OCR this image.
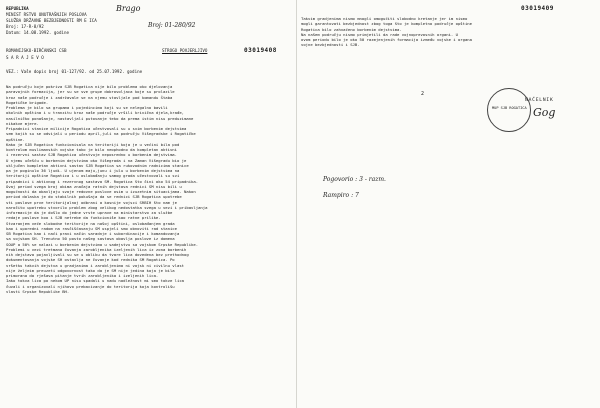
REPUBLIKA
MINIST RSTVO UNUTRAŠNJIH POSLOVA
SLUŽBA DRŽAVNE BEZBJEDNOSTI RM E ICA
Broj: 17-R-8/92
Datum: 14.08.1992. godine
Brago
Broj: 01-280/92
03019408
ROMANIJSKO-BIRČANSKI CSB	STROGO POVJERLJIVO
S A R A J E V O
VEZ.: Vaše dopis broj 01-127/92. od 25.07.1992. godine
Na području koje pokriva SJB Rogatica nije bilo problema oko djelovanja
paravojnih formacija, jer su se sve grupe dobrovoljaca koje su prolazile
kroz naše područje i zadržavale se na njemu stavljale pod komandu Štaba
Rogatičke brigade.
Problema je bilo sa grupama i pojedincima koji su se nelegalno bavili
okolnih opština i u tranzitu kroz naše područje vršili krivična djela,krađe,
nasilničko ponašanje, nastavljali putovanje teko da prema istim nisu preduzimane
nikakve mjere.
Pripadnici stanice milicije Rogatica učestvovali su u svim borbenim dejstvima
sem kojih su se odvijali u periodu april,juli na području Višegradske i Rogatičke
opštine.
Kako je SJB Rogatica funkcionisala na teritoriji koja je u većini bila pod
kontrolom muslimanskih vojske tako je bilo neophodno da kompletan aktivni
i rezervni sastav SJB Rogatica učestvuje neposredno u borbenim dejstvima.
U njemu učešću u borbenim dejstvima oko Višegrada i na Zaman Višegradu bio je
uključen kompletan aktivni sastav SJB Rogatica sa rukovodnim radnicima stanice
pa je poginulo 36 ljudi. U ujenom maju,junu i julu u borbenim dejstvima na
teritoriji opštine Rogatica i u oslobađanju samog grada učestvovali su svi
pripadnici i aktivnog i rezervnog sastava SM. Rogatica što čini oko 54 pripadnika.
Ovaj period svega broj obima značaja ratnih dejstava rednici SM nisu bili u
mogućnosti da obavljaju svoje redovne poslove osim u izuzetnim situacijama. Nakon
period dolaska je do stabilnih pokušaja da se rednici SJB Rogatica upotrebe
sti poslove prve teritorijalnoj odbrani a kasnije vojsci SRBIH što nam je
naročito upotrebu stvorilo problem zbog velikog nedostatka svega u vezi i pribavljanja
informacije da je došlo do jedne vrste uprave na ministarstvo za službe
redaje poslove koo i SJB netrebe da funkcioniše kao ratne prilike.
Stvaranjem veće slobodne teritorije na našoj opštini, oslobađanjem grada
kao i uporedni radom na rasčišćavanju SM uspjeli smo obnoviti rad stanice
SB Rogatica kao i naći pravi način saradnje i subordinacije i komandovanja
sa vojskom SH. Trenutno 50 posto našeg sastava obavlja poslove iz domena
SOUP a 50% se nalazi u borbenim dejstvima u sadejstvu sa vojskom Srpske Republike.
Problemi u vezi tretmana čuvanja zarobljenika izeljenih lica iz zona borbenih
nih dejstava pojavljivali su se u obliku da tvare lica dovedena bez prethodnog
dokumentovanja vojske SH ostavlja ne čuvanje kod rednika SM Rogatica. Po
vršetku takvih dejstva u gradjanima i zarobljenima ni vojsk ni civilnu vlast
nije željeim preuzeti odgovornost tako da je SM nije jedina koja je bila
primorana da rješava pitanje tvrih zarobljenika i izeljenih lica.
Iako tokva lica po nekom UP nisu spadali u nadu nadležnost mi smo tokve lica
čuvali i organizovali njihovo prebacivanje do teritorija koja kontrolišu
vlasti Srpske Republike BH.
03019409
Takvim gradjenima nismo mnogli omogućiti slobodno kretanje jer im nismo
mogli garantovati bezbjednost zbog toga što je kompletno područje opštine
Rogatica bilo zahvaćeno borbenim dejstvima.
Na našem području nismo primjetili da rade vojnoprevosnih organi. U
ovom periodu bilo je oko 50 razmjenjenih formacija između vojske i organa
vojne bezbjednosti i SJB.
2
MUP SJB ROGATICA
NAČELNIK
Gog
Pogovorio : 3 - razm.
Rampiro : 7
